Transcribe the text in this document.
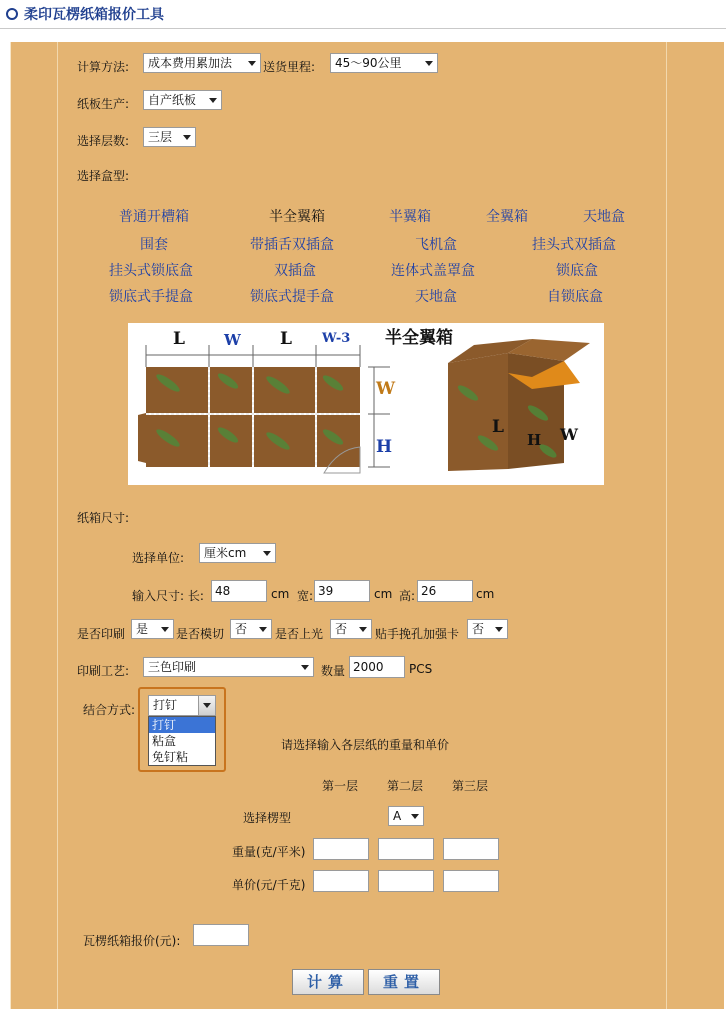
柔印瓦楞纸箱报价工具
计算方法:	成本费用累加法	送货里程:	45～90公里
纸板生产:	自产纸板
选择层数:	三层
选择盒型:
普通开槽箱	半全翼箱	半翼箱	全翼箱	天地盒
围套	带插舌双插盒	飞机盒	挂头式双插盒
挂头式锁底盒	双插盒	连体式盖罩盒	锁底盒
锁底式手提盒	锁底式提手盒	天地盒	自锁底盒
L	W L W-3 半全翼箱
W
H
L
H W
纸箱尺寸:
选择单位:	厘米cm
输入尺寸: 长: 48	cm 宽: 39	cm 高: 26	cm
是否印刷 是	是否模切 否	是否上光 否	贴手挽孔加强卡	否
印刷工艺:	三色印刷	数量 2000	PCS
结合方式:	打钉
打钉
粘盒
免钉粘
请选择输入各层纸的重量和单价
第一层 第二层 第三层
选择楞型	A
重量(克/平米)
单价(元/千克)
瓦楞纸箱报价(元):
计算	重置
